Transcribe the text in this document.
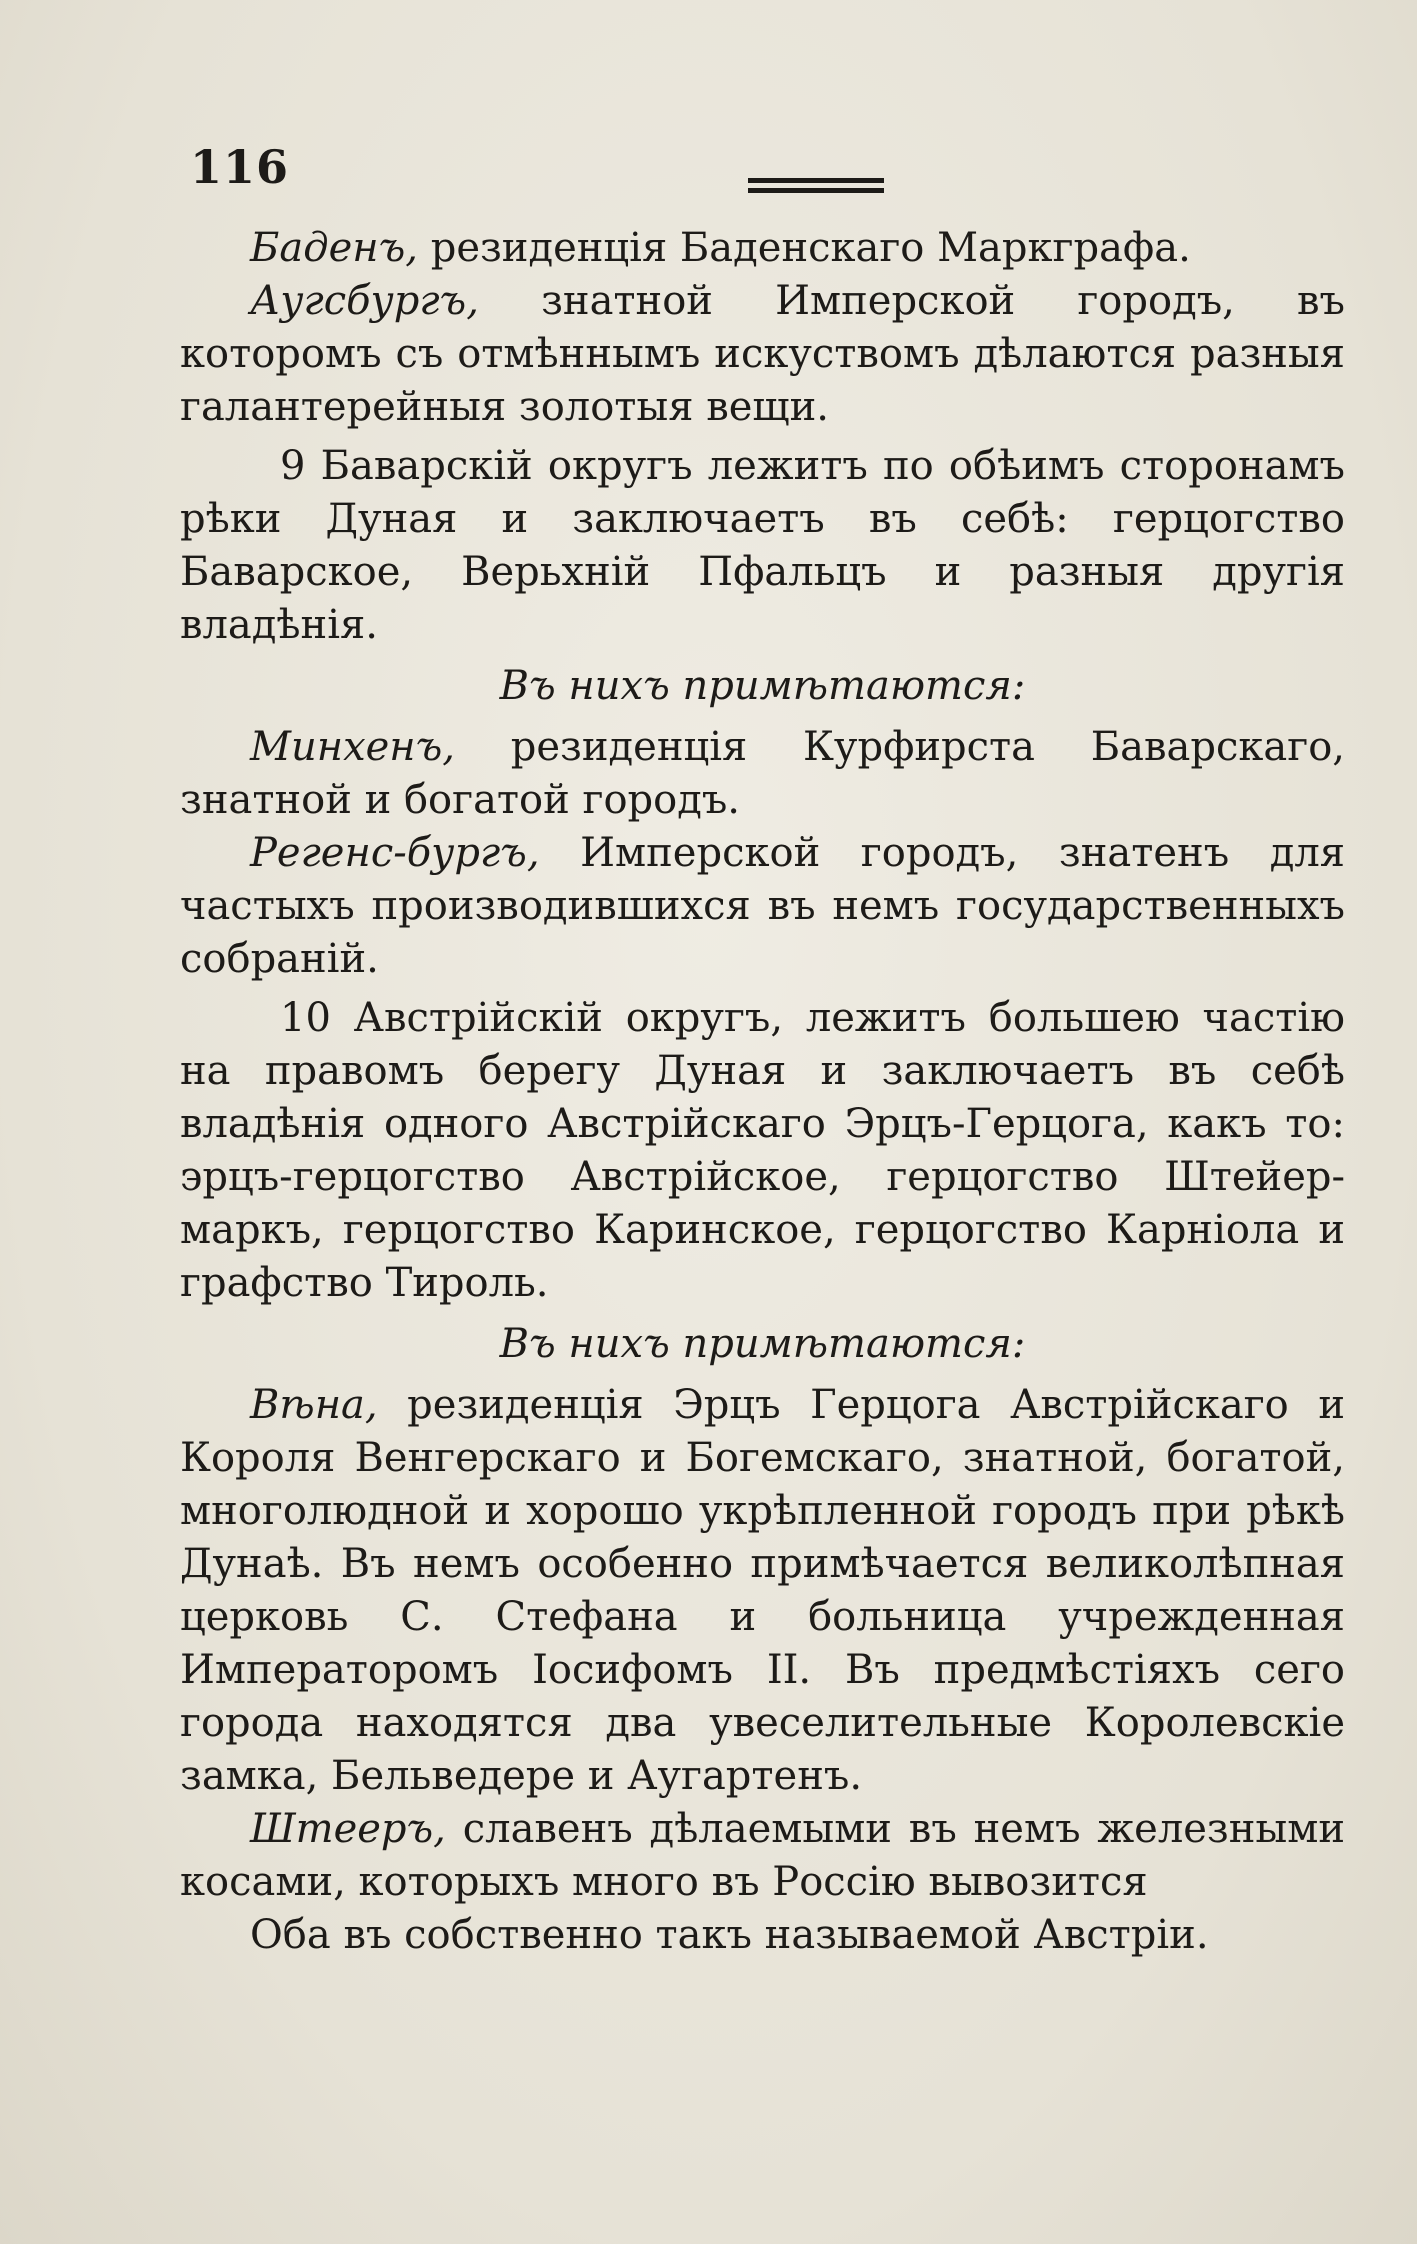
116

Баденъ, резиденція Баденскаго Маркграфа.

Аугсбургъ, знатной Имперской городъ, въ которомъ съ отмѣннымъ искуствомъ дѣлаются разныя галантерейныя золотыя вещи.

9 Баварскій округъ лежитъ по обѣимъ сторонамъ рѣки Дуная и заключаетъ въ себѣ: герцогство Баварское, Верьхній Пфальцъ и разныя другія владѣнія.

Въ нихъ примѣтаются:

Минхенъ, резиденція Курфирста Баварскаго, знатной и богатой городъ.

Регенс-бургъ, Имперской городъ, знатенъ для частыхъ производившихся въ немъ государственныхъ собраній.

10 Австрійскій округъ, лежитъ большею частію на правомъ берегу Дуная и заключаетъ въ себѣ владѣнія одного Австрійскаго Эрцъ-Герцога, какъ то: эрцъ-герцогство Австрійское, герцогство Штейер-маркъ, герцогство Каринское, герцогство Карніола и графство Тироль.

Въ нихъ примѣтаются:

Вѣна, резиденція Эрцъ Герцога Австрійскаго и Короля Венгерскаго и Богемскаго, знатной, богатой, многолюдной и хорошо укрѣпленной городъ при рѣкѣ Дунаѣ. Въ немъ особенно примѣчается великолѣпная церковь С. Стефана и больница учрежденная Императоромъ Іосифомъ II. Въ предмѣстіяхъ сего города находятся два увеселительные Королевскіе замка, Бельведере и Аугартенъ.

Штееръ, славенъ дѣлаемыми въ немъ железными косами, которыхъ много въ Россію вывозится

Оба въ собственно такъ называемой Австріи.
